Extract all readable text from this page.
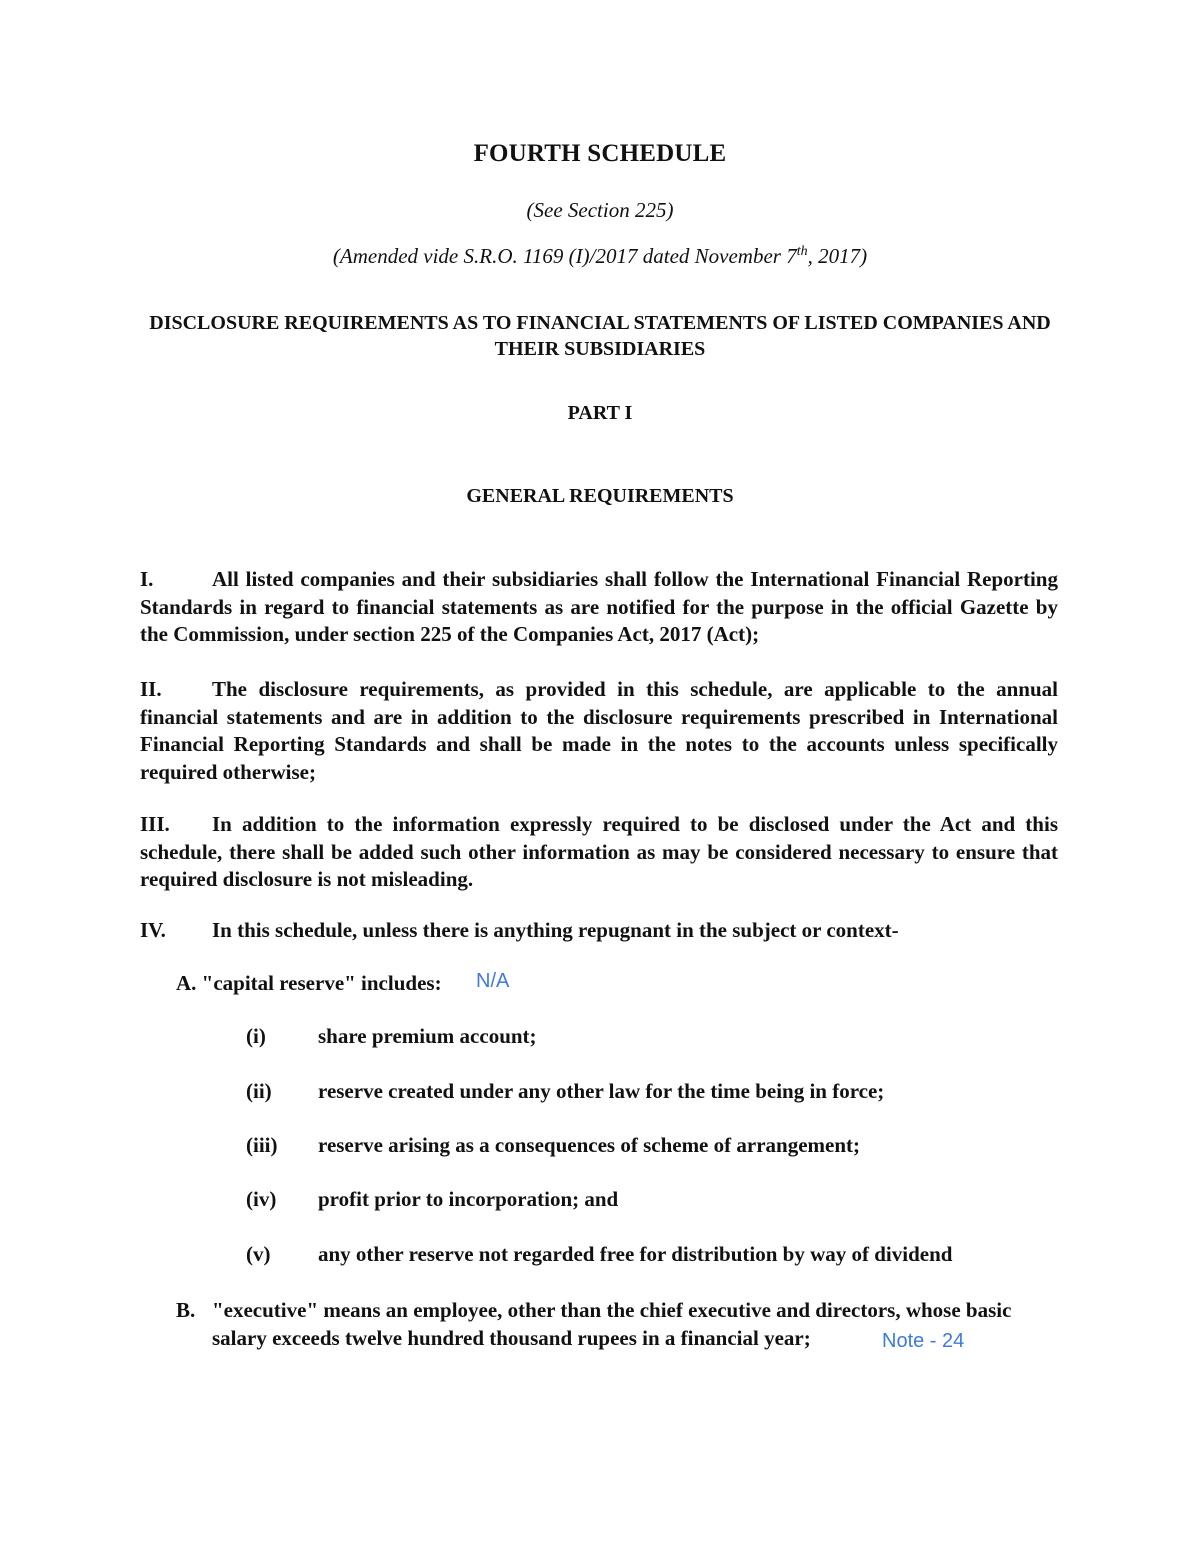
FOURTH SCHEDULE
(See Section 225)
(Amended vide S.R.O. 1169 (I)/2017 dated November 7th, 2017)
DISCLOSURE REQUIREMENTS AS TO FINANCIAL STATEMENTS OF LISTED COMPANIES AND THEIR SUBSIDIARIES
PART I
GENERAL REQUIREMENTS
I.	All listed companies and their subsidiaries shall follow the International Financial Reporting Standards in regard to financial statements as are notified for the purpose in the official Gazette by the Commission, under section 225 of the Companies Act, 2017 (Act);
II. The disclosure requirements, as provided in this schedule, are applicable to the annual financial statements and are in addition to the disclosure requirements prescribed in International Financial Reporting Standards and shall be made in the notes to the accounts unless specifically required otherwise;
III. In addition to the information expressly required to be disclosed under the Act and this schedule, there shall be added such other information as may be considered necessary to ensure that required disclosure is not misleading.
IV. In this schedule, unless there is anything repugnant in the subject or context-
A. "capital reserve" includes: N/A
(i) share premium account;
(ii) reserve created under any other law for the time being in force;
(iii) reserve arising as a consequences of scheme of arrangement;
(iv) profit prior to incorporation; and
(v) any other reserve not regarded free for distribution by way of dividend
B. "executive" means an employee, other than the chief executive and directors, whose basic
salary exceeds twelve hundred thousand rupees in a financial year;	Note - 24
